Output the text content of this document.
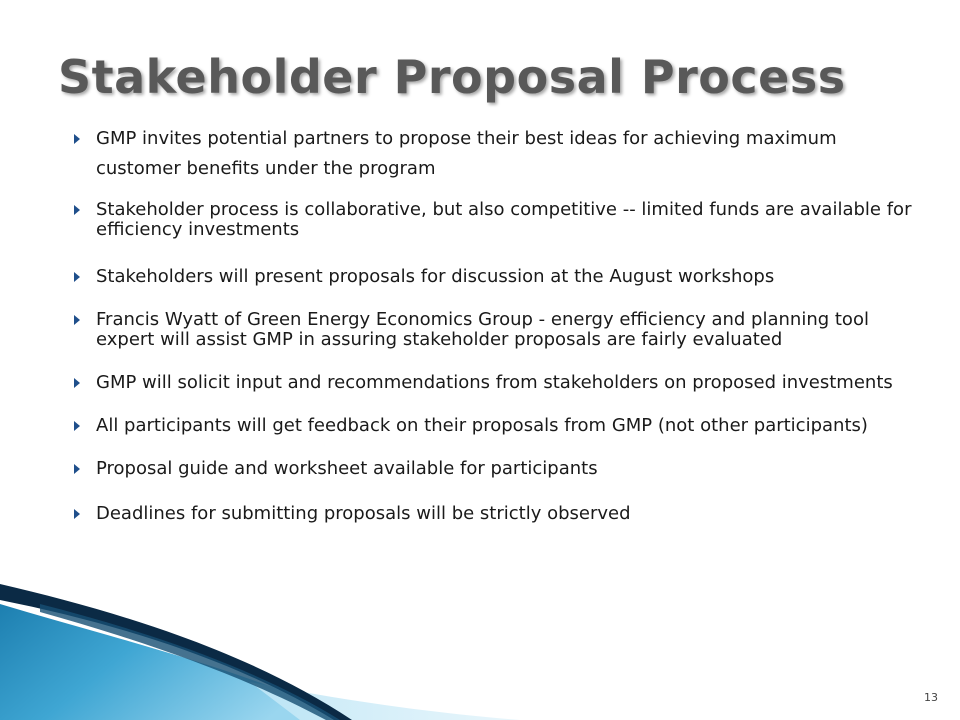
Stakeholder Proposal Process
GMP invites potential partners to propose their best ideas for achieving maximum customer benefits under the program
Stakeholder process is collaborative, but also competitive -- limited funds are available for efficiency investments
Stakeholders will present proposals for discussion at the August workshops
Francis Wyatt of Green Energy Economics Group - energy efficiency and planning tool expert will assist GMP in assuring stakeholder proposals are fairly evaluated
GMP will solicit input and recommendations from stakeholders on proposed investments
All participants will get feedback on their proposals from GMP (not other participants)
Proposal guide and worksheet available for participants
Deadlines for submitting proposals will be strictly observed
13
